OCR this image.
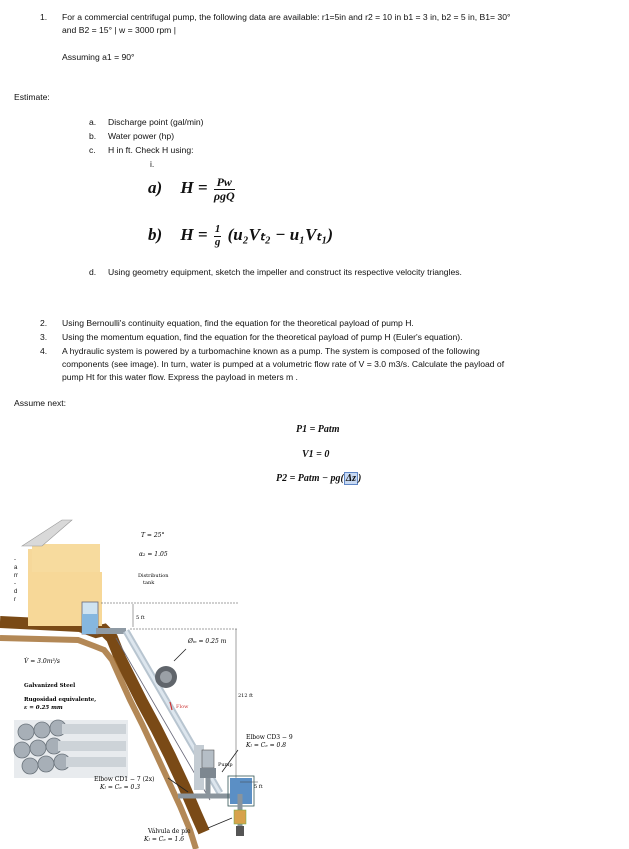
1. For a commercial centrifugal pump, the following data are available: r1=5in and r2 = 10 in b1 = 3 in, b2 = 5 in, B1= 30°
and B2 = 15° | w = 3000 rpm |
Assuming a1 = 90°
Estimate:
a. Discharge point (gal/min)
b. Water power (hp)
c. H in ft. Check H using:
i.
a) $H = \frac{Pw}{\text{ρgQ}}$
b) $H = \frac{1}{g} (u_2V_{t2} - u_1V_{t1})$
d. Using geometry equipment, sketch the impeller and construct its respective velocity triangles.
2. Using Bernoulli's continuity equation, find the equation for the theoretical payload of pump H.
3. Using the momentum equation, find the equation for the theoretical payload of pump H (Euler's equation).
4. A hydraulic system is powered by a turbomachine known as a pump. The system is composed of the following
components (see image). In turn, water is pumped at a volumetric flow rate of V = 3.0 m3/s. Calculate the payload of
pump Ht for this water flow. Express the payload in meters m .
Assume next:
P1 = Patm
V1 = 0
P2 = Patm − pg( Δz )
-
a
rr
-
d
r
T = 25°
α₂ = 1.05
Distribution
tank
5 ft
Øᵢₙ = 0.25 m
V̇ = 3.0m³/s
Galvanized Steel
Rugosidad equivalente,
ε = 0.25 mm	Flow
212 ft
Elbow CD3 − 9
Kₗ = Cₑ = 0.8
Pump
5 ft
Elbow CD1 − 7 (2x)
Kₗ = Cₑ = 0.3
Válvula de pie
Kₗ = Cₑ = 1.6
